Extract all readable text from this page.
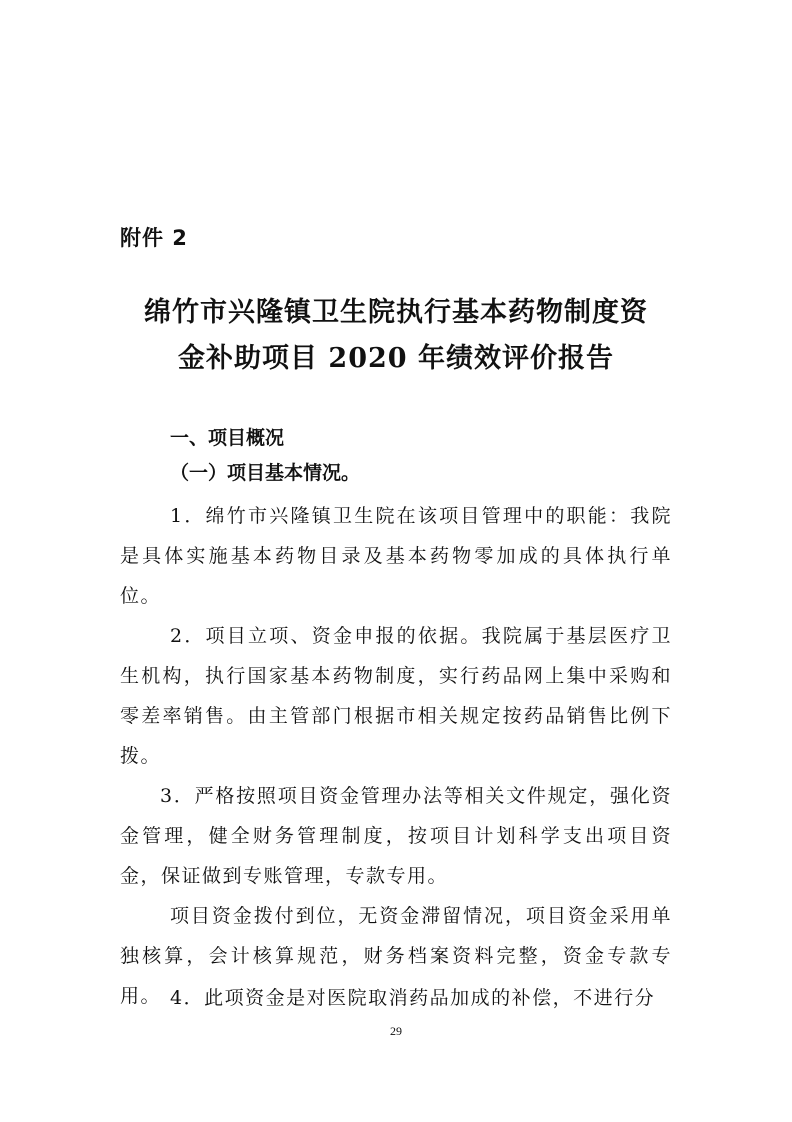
附件 2
绵竹市兴隆镇卫生院执行基本药物制度资
金补助项目 2020 年绩效评价报告
一、项目概况
（一）项目基本情况。
1．绵竹市兴隆镇卫生院在该项目管理中的职能：我院是具体实施基本药物目录及基本药物零加成的具体执行单位。
2．项目立项、资金申报的依据。我院属于基层医疗卫生机构，执行国家基本药物制度，实行药品网上集中采购和零差率销售。由主管部门根据市相关规定按药品销售比例下拨。
3．严格按照项目资金管理办法等相关文件规定，强化资金管理，健全财务管理制度，按项目计划科学支出项目资金，保证做到专账管理，专款专用。
项目资金拨付到位，无资金滞留情况，项目资金采用单独核算，会计核算规范，财务档案资料完整，资金专款专用。 4．此项资金是对医院取消药品加成的补偿，不进行分
29
